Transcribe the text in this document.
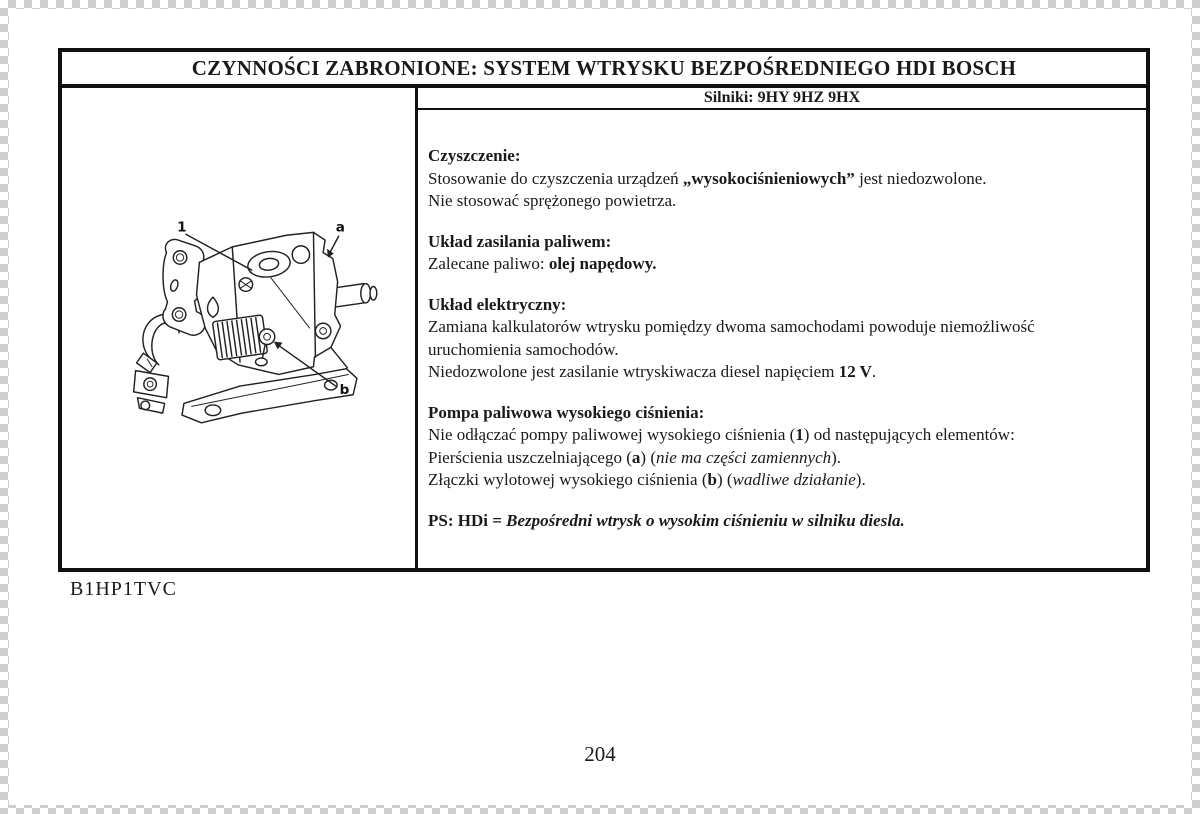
CZYNNOŚCI ZABRONIONE: SYSTEM WTRYSKU BEZPOŚREDNIEGO HDI BOSCH
1	a
b
Silniki: 9HY 9HZ 9HX
Czyszczenie:
Stosowanie do czyszczenia urządzeń „wysokociśnieniowych” jest niedozwolone.
Nie stosować sprężonego powietrza.
Układ zasilania paliwem:
Zalecane paliwo: olej napędowy.
Układ elektryczny:
Zamiana kalkulatorów wtrysku pomiędzy dwoma samochodami powoduje niemożliwość
uruchomienia samochodów.
Niedozwolone jest zasilanie wtryskiwacza diesel napięciem 12 V.
Pompa paliwowa wysokiego ciśnienia:
Nie odłączać pompy paliwowej wysokiego ciśnienia (1) od następujących elementów:
Pierścienia uszczelniającego (a) (nie ma części zamiennych).
Złączki wylotowej wysokiego ciśnienia (b) (wadliwe działanie).
PS: HDi = Bezpośredni wtrysk o wysokim ciśnieniu w silniku diesla.
B1HP1TVC
204
